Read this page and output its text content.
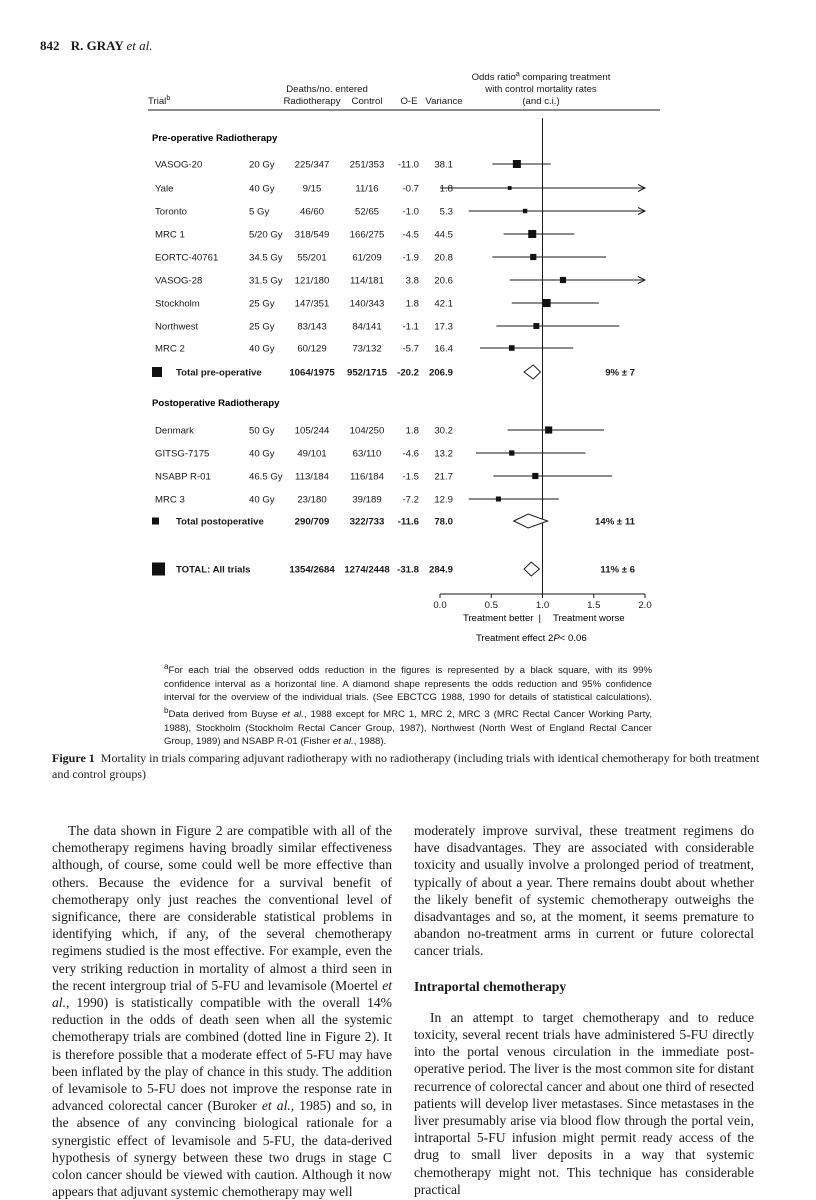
842 R. GRAY et al.
Trial$^b$
Deaths/no. entered
Radiotherapy Control O-E Variance
Odds ratio$^a$ comparing treatment
with control mortality rates
(and c.i.)
Pre-operative Radiotherapy
Postoperative Radiotherapy
0.0	0.5	1.0	1.5	2.0
VASOG-20	20 Gy 225/347 251/353 -11.0 38.1
Yale	40 Gy	9/15	11/16 -0.7 1.8
Toronto	5 Gy	46/60	52/65 -1.0 5.3
MRC 1	5/20 Gy 318/549 166/275 -4.5 44.5
EORTC-40761	34.5 Gy 55/201	61/209 -1.9 20.8
VASOG-28	31.5 Gy 121/180 114/181 3.8 20.6
Stockholm	25 Gy 147/351 140/343 1.8 42.1
Northwest	25 Gy 83/143	84/141 -1.1 17.3
MRC 2	40 Gy 60/129	73/132 -5.7 16.4
Denmark	50 Gy 105/244 104/250 1.8 30.2
GITSG-7175	40 Gy 49/101	63/110 -4.6 13.2
NSABP R-01	46.5 Gy 113/184 116/184 -1.5 21.7
MRC 3	40 Gy 23/180	39/189 -7.2 12.9
Total pre-operative	1064/1975 952/1715 -20.2 206.9	9% ± 7
Total postoperative	290/709 322/733 -11.6 78.0	14% ± 11
TOTAL: All trials	1354/2684 1274/2448 -31.8 284.9	11% ± 6
Treatment better | Treatment worse
Treatment effect 2P< 0.06
$^a$For each trial the observed odds reduction in the figures is represented by a black square, with its 99% confidence interval as a horizontal line. A diamond shape represents the odds reduction and 95% confidence interval for the overview of the individual trials. (See EBCTCG 1988, 1990 for details of statistical calculations). $^b$Data derived from Buyse et al., 1988 except for MRC 1, MRC 2, MRC 3 (MRC Rectal Cancer Working Party, 1988), Stockholm (Stockholm Rectal Cancer Group, 1987), Northwest (North West of England Rectal Cancer Group, 1989) and NSABP R-01 (Fisher et al., 1988).
Figure 1 Mortality in trials comparing adjuvant radiotherapy with no radiotherapy (including trials with identical chemotherapy for both treatment and control groups)

The data shown in Figure 2 are compatible with all of the chemotherapy regimens having broadly similar effectiveness although, of course, some could well be more effective than others. Because the evidence for a survival benefit of chemotherapy only just reaches the conventional level of significance, there are considerable statistical problems in identifying which, if any, of the several chemotherapy regimens studied is the most effective. For example, even the very striking reduction in mortality of almost a third seen in the recent intergroup trial of 5-FU and levamisole (Moertel et al., 1990) is statistically compatible with the overall 14% reduction in the odds of death seen when all the systemic chemotherapy trials are combined (dotted line in Figure 2). It is therefore possible that a moderate effect of 5-FU may have been inflated by the play of chance in this study. The addition of levamisole to 5-FU does not improve the response rate in advanced colorectal cancer (Buroker et al., 1985) and so, in the absence of any convincing biological rationale for a synergistic effect of levamisole and 5-FU, the data-derived hypothesis of synergy between these two drugs in stage C colon cancer should be viewed with caution. Although it now appears that adjuvant systemic chemotherapy may well

moderately improve survival, these treatment regimens do have disadvantages. They are associated with considerable toxicity and usually involve a prolonged period of treatment, typically of about a year. There remains doubt about whether the likely benefit of systemic chemotherapy outweighs the disadvantages and so, at the moment, it seems premature to abandon no-treatment arms in current or future colorectal cancer trials.

Intraportal chemotherapy

In an attempt to target chemotherapy and to reduce toxicity, several recent trials have administered 5-FU directly into the portal venous circulation in the immediate post-operative period. The liver is the most common site for distant recurrence of colorectal cancer and about one third of resected patients will develop liver metastases. Since metastases in the liver presumably arise via blood flow through the portal vein, intraportal 5-FU infusion might permit ready access of the drug to small liver deposits in a way that systemic chemotherapy might not. This technique has considerable practical
